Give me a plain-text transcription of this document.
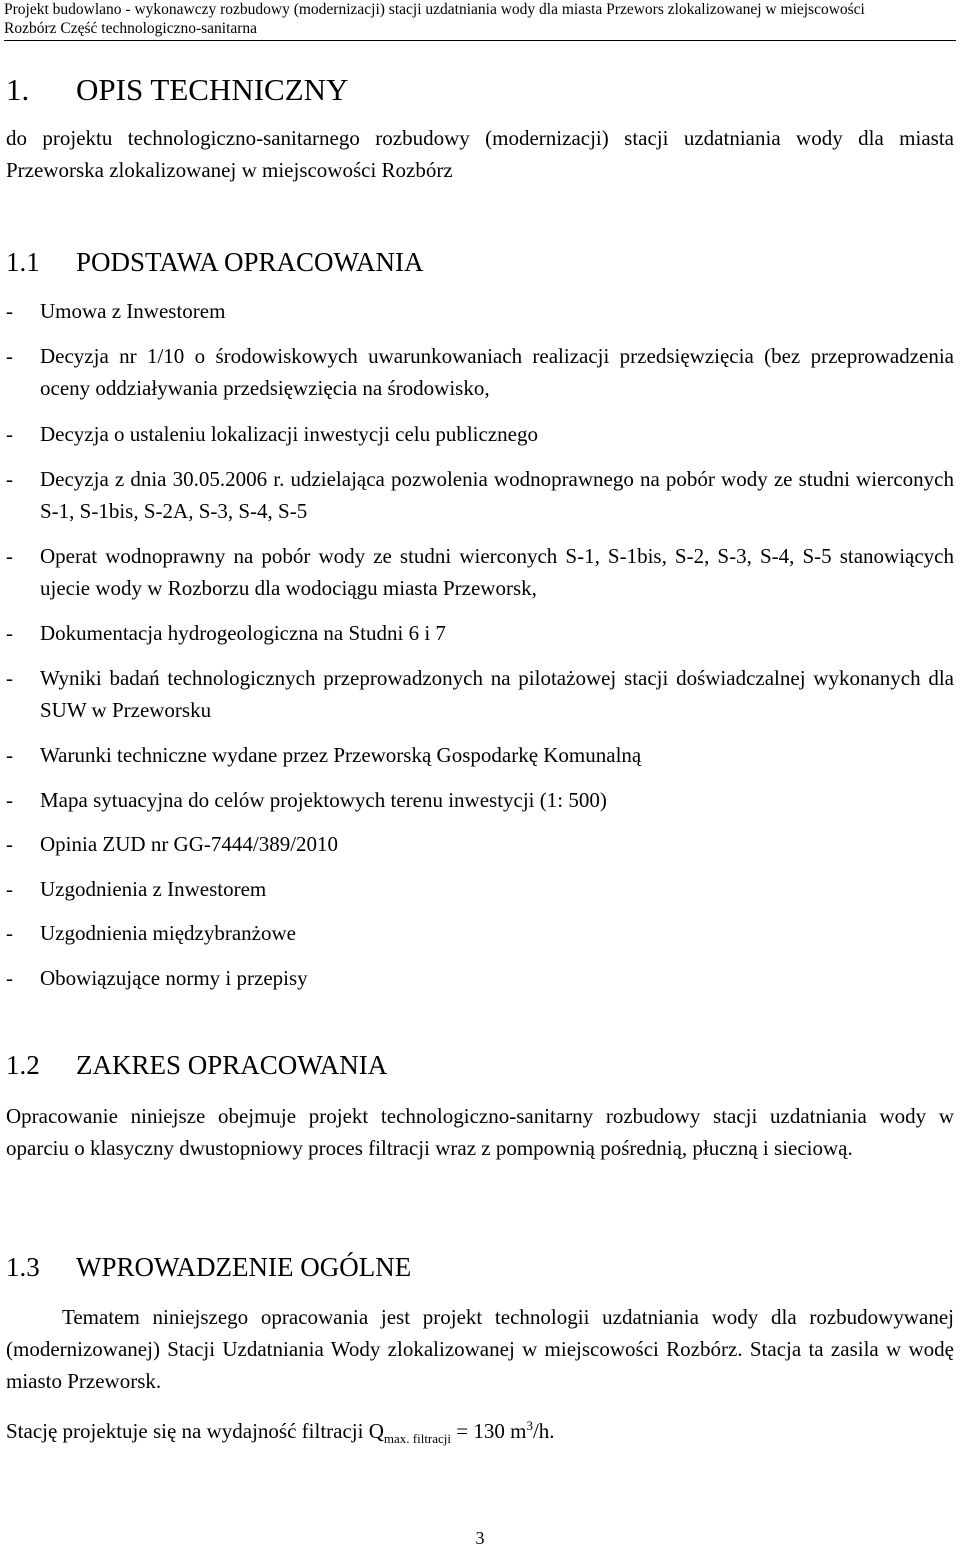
Projekt budowlano - wykonawczy rozbudowy (modernizacji) stacji uzdatniania wody dla miasta Przewors zlokalizowanej w miejscowości
Rozbórz Część technologiczno-sanitarna
1. OPIS TECHNICZNY
do projektu technologiczno-sanitarnego rozbudowy (modernizacji) stacji uzdatniania wody dla miasta Przeworska zlokalizowanej w miejscowości Rozbórz
1.1 PODSTAWA OPRACOWANIA
- Umowa z Inwestorem
- Decyzja nr 1/10 o środowiskowych uwarunkowaniach realizacji przedsięwzięcia (bez przeprowadzenia oceny oddziaływania przedsięwzięcia na środowisko,
- Decyzja o ustaleniu lokalizacji inwestycji celu publicznego
- Decyzja z dnia 30.05.2006 r. udzielająca pozwolenia wodnoprawnego na pobór wody ze studni wierconych S-1, S-1bis, S-2A, S-3, S-4, S-5
- Operat wodnoprawny na pobór wody ze studni wierconych S-1, S-1bis, S-2, S-3, S-4, S-5 stanowiących ujecie wody w Rozborzu dla wodociągu miasta Przeworsk,
- Dokumentacja hydrogeologiczna na Studni 6 i 7
- Wyniki badań technologicznych przeprowadzonych na pilotażowej stacji doświadczalnej wykonanych dla SUW w Przeworsku
- Warunki techniczne wydane przez Przeworską Gospodarkę Komunalną
- Mapa sytuacyjna do celów projektowych terenu inwestycji (1: 500)
- Opinia ZUD nr GG-7444/389/2010
- Uzgodnienia z Inwestorem
- Uzgodnienia międzybranżowe
- Obowiązujące normy i przepisy
1.2 ZAKRES OPRACOWANIA
Opracowanie niniejsze obejmuje projekt technologiczno-sanitarny rozbudowy stacji uzdatniania wody w oparciu o klasyczny dwustopniowy proces filtracji wraz z pompownią pośrednią, płuczną i sieciową.
1.3 WPROWADZENIE OGÓLNE
Tematem niniejszego opracowania jest projekt technologii uzdatniania wody dla rozbudowywanej (modernizowanej) Stacji Uzdatniania Wody zlokalizowanej w miejscowości Rozbórz. Stacja ta zasila w wodę miasto Przeworsk.
Stację projektuje się na wydajność filtracji $Q_{max. filtracji} = 130$ $m^3/h$.
3
